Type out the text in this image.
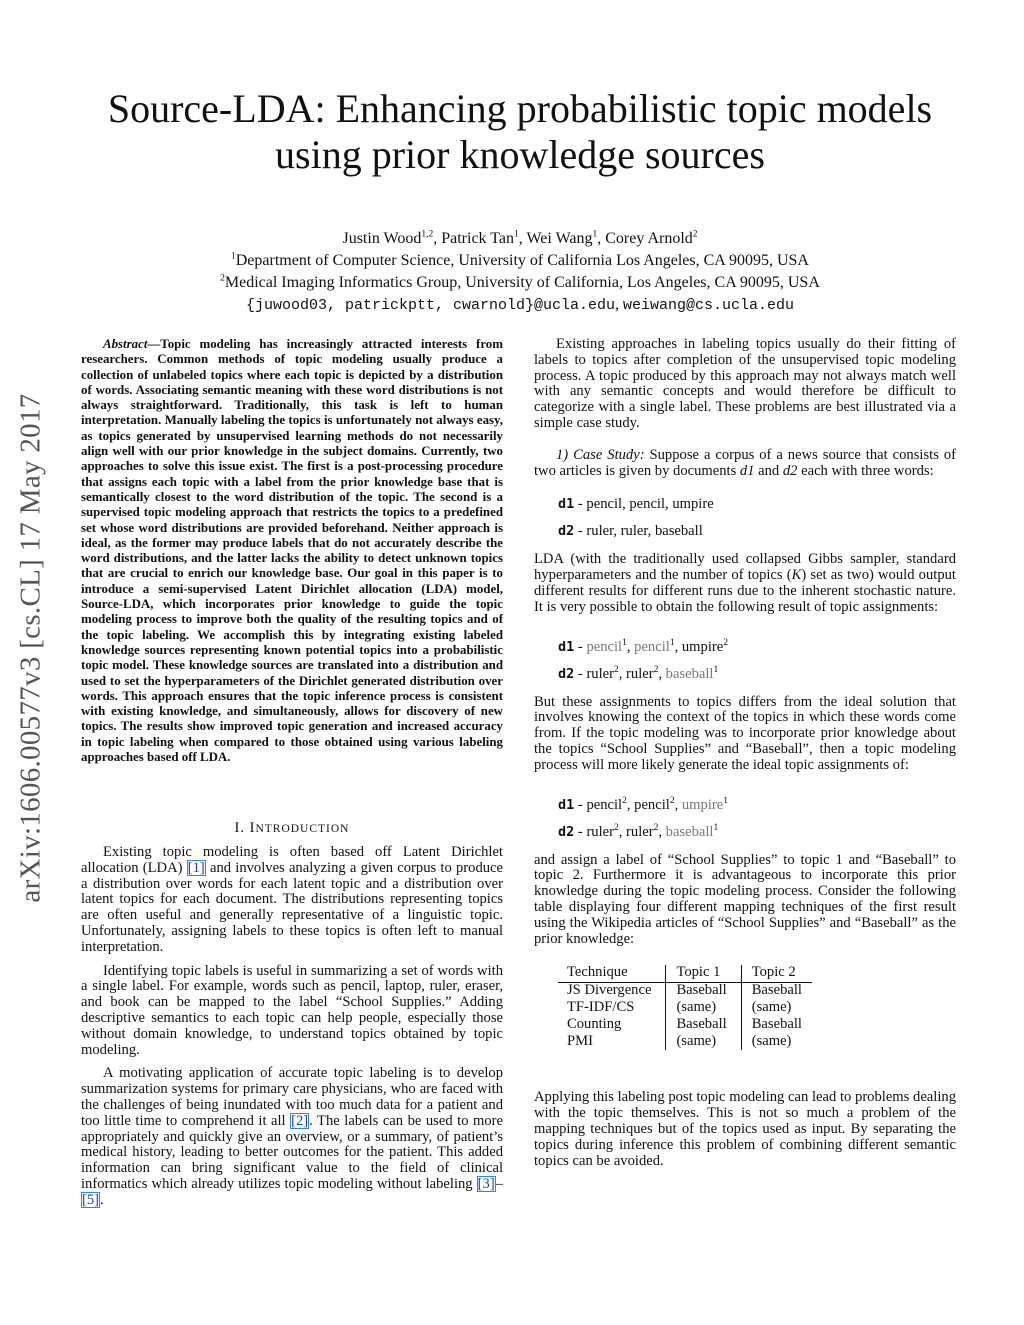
arXiv:1606.00577v3 [cs.CL] 17 May 2017
Source-LDA: Enhancing probabilistic topic models
using prior knowledge sources
Justin Wood$^{1,2}$, Patrick Tan$^1$, Wei Wang$^1$, Corey Arnold$^2$
$^1$Department of Computer Science, University of California Los Angeles, CA 90095, USA
$^2$Medical Imaging Informatics Group, University of California, Los Angeles, CA 90095, USA
{juwood03, patrickptt, cwarnold}@ucla.edu, weiwang@cs.ucla.edu

Abstract—Topic modeling has increasingly attracted interests from researchers. Common methods of topic modeling usually produce a collection of unlabeled topics where each topic is depicted by a distribution of words. Associating semantic meaning with these word distributions is not always straightforward. Traditionally, this task is left to human interpretation. Manually labeling the topics is unfortunately not always easy, as topics generated by unsupervised learning methods do not necessarily align well with our prior knowledge in the subject domains. Currently, two approaches to solve this issue exist. The first is a post-processing procedure that assigns each topic with a label from the prior knowledge base that is semantically closest to the word distribution of the topic. The second is a supervised topic modeling approach that restricts the topics to a predefined set whose word distributions are provided beforehand. Neither approach is ideal, as the former may produce labels that do not accurately describe the word distributions, and the latter lacks the ability to detect unknown topics that are crucial to enrich our knowledge base. Our goal in this paper is to introduce a semi-supervised Latent Dirichlet allocation (LDA) model, Source-LDA, which incorporates prior knowledge to guide the topic modeling process to improve both the quality of the resulting topics and of the topic labeling. We accomplish this by integrating existing labeled knowledge sources representing known potential topics into a probabilistic topic model. These knowledge sources are translated into a distribution and used to set the hyperparameters of the Dirichlet generated distribution over words. This approach ensures that the topic inference process is consistent with existing knowledge, and simultaneously, allows for discovery of new topics. The results show improved topic generation and increased accuracy in topic labeling when compared to those obtained using various labeling approaches based off LDA.

I. INTRODUCTION

Existing topic modeling is often based off Latent Dirichlet allocation (LDA) [1] and involves analyzing a given corpus to produce a distribution over words for each latent topic and a distribution over latent topics for each document. The distributions representing topics are often useful and generally representative of a linguistic topic. Unfortunately, assigning labels to these topics is often left to manual interpretation.

Identifying topic labels is useful in summarizing a set of words with a single label. For example, words such as pencil, laptop, ruler, eraser, and book can be mapped to the label “School Supplies.” Adding descriptive semantics to each topic can help people, especially those without domain knowledge, to understand topics obtained by topic modeling.

A motivating application of accurate topic labeling is to develop summarization systems for primary care physicians, who are faced with the challenges of being inundated with too much data for a patient and too little time to comprehend it all [2]. The labels can be used to more appropriately and quickly give an overview, or a summary, of patient’s medical history, leading to better outcomes for the patient. This added information can bring significant value to the field of clinical informatics which already utilizes topic modeling without labeling [3]–[5].

Existing approaches in labeling topics usually do their fitting of labels to topics after completion of the unsupervised topic modeling process. A topic produced by this approach may not always match well with any semantic concepts and would therefore be difficult to categorize with a single label. These problems are best illustrated via a simple case study.

1) Case Study: Suppose a corpus of a news source that consists of two articles is given by documents d1 and d2 each with three words:

d1 - pencil, pencil, umpire
d2 - ruler, ruler, baseball

LDA (with the traditionally used collapsed Gibbs sampler, standard hyperparameters and the number of topics (K) set as two) would output different results for different runs due to the inherent stochastic nature. It is very possible to obtain the following result of topic assignments:

d1 - pencil$^1$, pencil$^1$, umpire$^2$
d2 - ruler$^2$, ruler$^2$, baseball$^1$

But these assignments to topics differs from the ideal solution that involves knowing the context of the topics in which these words come from. If the topic modeling was to incorporate prior knowledge about the topics “School Supplies” and “Baseball”, then a topic modeling process will more likely generate the ideal topic assignments of:

d1 - pencil$^2$, pencil$^2$, umpire$^1$
d2 - ruler$^2$, ruler$^2$, baseball$^1$

and assign a label of “School Supplies” to topic 1 and “Baseball” to topic 2. Furthermore it is advantageous to incorporate this prior knowledge during the topic modeling process. Consider the following table displaying four different mapping techniques of the first result using the Wikipedia articles of “School Supplies” and “Baseball” as the prior knowledge:

Technique	Topic 1	Topic 2
JS Divergence	Baseball	Baseball
TF-IDF/CS	(same)	(same)
Counting	Baseball	Baseball
PMI	(same)	(same)

Applying this labeling post topic modeling can lead to problems dealing with the topic themselves. This is not so much a problem of the mapping techniques but of the topics used as input. By separating the topics during inference this problem of combining different semantic topics can be avoided.
